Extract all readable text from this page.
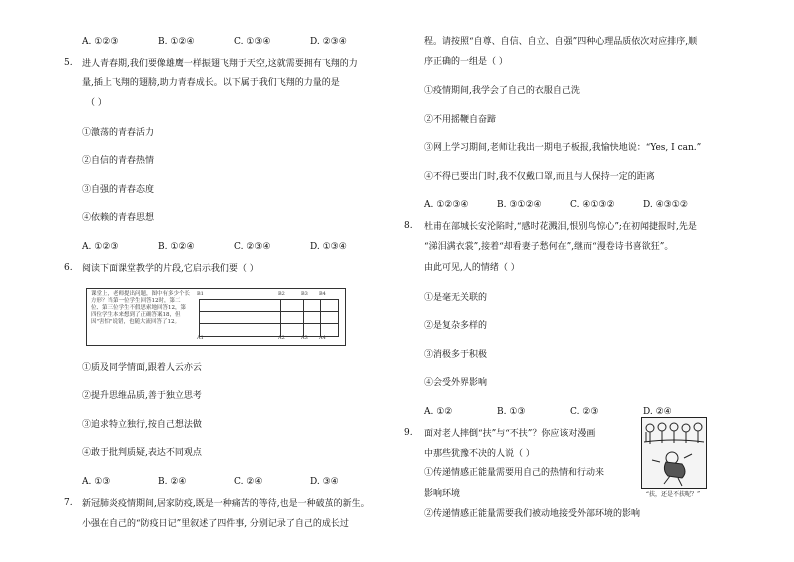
A. ①②③	B. ①②④	C. ①③④	D. ②③④
5. 进人青春期,我们要像雄鹰一样振翅飞翔于天空,这就需要拥有飞翔的力
量,插上飞翔的翅膀,助力青春成长。以下属于我们飞翔的力量的是
（ ）
①激荡的青春活力
②自信的青春热情
③自强的青春态度
④依赖的青春思想
A. ①②③	B. ①②④	C. ②③④	D. ①③④
6. 阅读下面课堂教学的片段,它启示我们要（ ）
课堂上，老师提出问题，图中有多少个长方形？当第一位学生回答12时，第二位、第三位学生不假思索地回答12，第四位学生本来想到了正确答案18，但因"害怕"说错，也随大流回答了12。
B1	B2	B3 B4
A1	A2	A3 A4
①质及同学情面,跟着人云亦云
②提升思维品质,善于独立思考
③追求特立独行,按自己想法做
④敢于批判质疑,表达不同观点
A. ①③	B. ②④	C. ②④	D. ③④
7. 新冠肺炎疫情期间,居家防疫,既是一种痛苦的等待,也是一种破茧的新生。
小强在自己的“防疫日记”里叙述了四件事, 分别记录了自己的成长过
程。请按照“自尊、自信、自立、自强”四种心理品质依次对应排序,顺
序正确的一组是（ ）
①疫情期间,我学会了自己的衣服自己洗
②不用摇鞭自奋蹄
③网上学习期间,老师让我出一期电子板报,我愉快地说：“Yes, I can.”
④不得已要出门时,我不仅戴口罩,而且与人保持一定的距离
A. ①②③④	B. ③①②④	C. ④①③②	D. ④③①②
8. 杜甫在部城长安沦陷时,“感时花溅泪,恨别鸟惊心”;在初闻捷报时,先是
“涕泪满衣裳”,接着“却看妻子愁何在”,继而“漫卷诗书喜欲狂”。
由此可见,人的情绪（ ）
①是毫无关联的
②是复杂多样的
③消极多于积极
④会受外界影响
A. ①②	B. ①③	C. ②③	D. ②④
9. 面对老人摔倒“扶”与“不扶”？你应该对漫画
中那些犹豫不决的人说（ ）
①传递情感正能量需要用自己的热情和行动来
影响环境
②传递情感正能量需要我们被动地接受外部环境的影响
“扶，还是不扶呢？”
